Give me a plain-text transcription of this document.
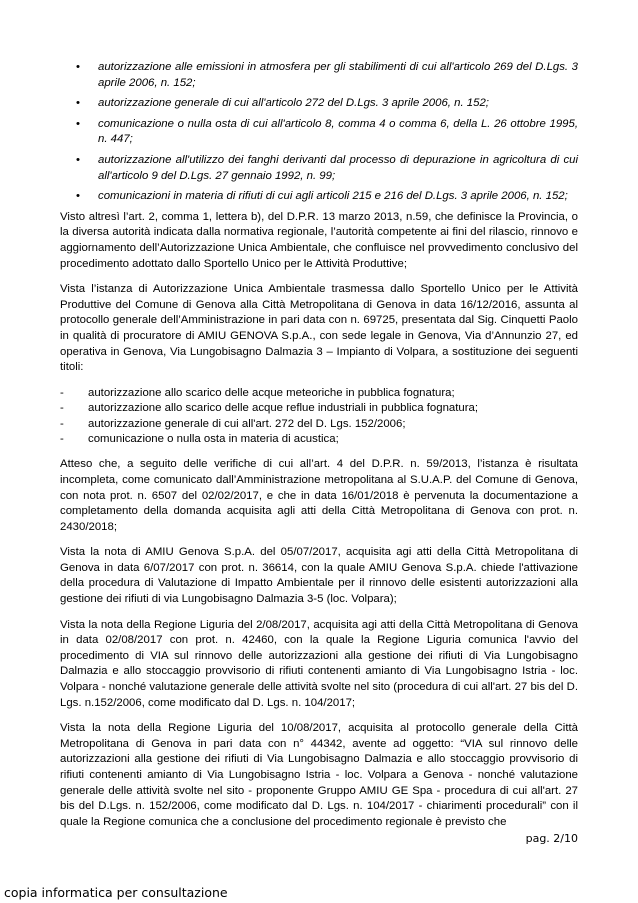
• autorizzazione alle emissioni in atmosfera per gli stabilimenti di cui all'articolo 269 del D.Lgs. 3 aprile 2006, n. 152;
• autorizzazione generale di cui all'articolo 272 del D.Lgs. 3 aprile 2006, n. 152;
• comunicazione o nulla osta di cui all'articolo 8, comma 4 o comma 6, della L. 26 ottobre 1995, n. 447;
• autorizzazione all'utilizzo dei fanghi derivanti dal processo di depurazione in agricoltura di cui all'articolo 9 del D.Lgs. 27 gennaio 1992, n. 99;
• comunicazioni in materia di rifiuti di cui agli articoli 215 e 216 del D.Lgs. 3 aprile 2006, n. 152;

Visto altresì l’art. 2, comma 1, lettera b), del D.P.R. 13 marzo 2013, n.59, che definisce la Provincia, o la diversa autorità indicata dalla normativa regionale, l’autorità competente ai fini del rilascio, rinnovo e aggiornamento dell’Autorizzazione Unica Ambientale, che confluisce nel provvedimento conclusivo del procedimento adottato dallo Sportello Unico per le Attività Produttive;

Vista l’istanza di Autorizzazione Unica Ambientale trasmessa dallo Sportello Unico per le Attività Produttive del Comune di Genova alla Città Metropolitana di Genova in data 16/12/2016, assunta al protocollo generale dell’Amministrazione in pari data con n. 69725, presentata dal Sig. Cinquetti Paolo in qualità di procuratore di AMIU GENOVA S.p.A., con sede legale in Genova, Via d’Annunzio 27, ed operativa in Genova, Via Lungobisagno Dalmazia 3 – Impianto di Volpara, a sostituzione dei seguenti titoli:

- autorizzazione allo scarico delle acque meteoriche in pubblica fognatura;
- autorizzazione allo scarico delle acque reflue industriali in pubblica fognatura;
- autorizzazione generale di cui all'art. 272 del D. Lgs. 152/2006;
- comunicazione o nulla osta in materia di acustica;

Atteso che, a seguito delle verifiche di cui all’art. 4 del D.P.R. n. 59/2013, l’istanza è risultata incompleta, come comunicato dall’Amministrazione metropolitana al S.U.A.P. del Comune di Genova, con nota prot. n. 6507 del 02/02/2017, e che in data 16/01/2018 è pervenuta la documentazione a completamento della domanda acquisita agli atti della Città Metropolitana di Genova con prot. n. 2430/2018;

Vista la nota di AMIU Genova S.p.A. del 05/07/2017, acquisita agi atti della Città Metropolitana di Genova in data 6/07/2017 con prot. n. 36614, con la quale AMIU Genova S.p.A. chiede l'attivazione della procedura di Valutazione di Impatto Ambientale per il rinnovo delle esistenti autorizzazioni alla gestione dei rifiuti di via Lungobisagno Dalmazia 3-5 (loc. Volpara);

Vista la nota della Regione Liguria del 2/08/2017, acquisita agi atti della Città Metropolitana di Genova in data 02/08/2017 con prot. n. 42460, con la quale la Regione Liguria comunica l'avvio del procedimento di VIA sul rinnovo delle autorizzazioni alla gestione dei rifiuti di Via Lungobisagno Dalmazia e allo stoccaggio provvisorio di rifiuti contenenti amianto di Via Lungobisagno Istria - loc. Volpara - nonché valutazione generale delle attività svolte nel sito (procedura di cui all'art. 27 bis del D. Lgs. n.152/2006, come modificato dal D. Lgs. n. 104/2017;

Vista la nota della Regione Liguria del 10/08/2017, acquisita al protocollo generale della Città Metropolitana di Genova in pari data con n° 44342, avente ad oggetto: “VIA sul rinnovo delle autorizzazioni alla gestione dei rifiuti di Via Lungobisagno Dalmazia e allo stoccaggio provvisorio di rifiuti contenenti amianto di Via Lungobisagno Istria - loc. Volpara a Genova - nonché valutazione generale delle attività svolte nel sito - proponente Gruppo AMIU GE Spa - procedura di cui all'art. 27 bis del D.Lgs. n. 152/2006, come modificato dal D. Lgs. n. 104/2017 - chiarimenti procedurali” con il quale la Regione comunica che a conclusione del procedimento regionale è previsto che

pag. 2/10
copia informatica per consultazione
